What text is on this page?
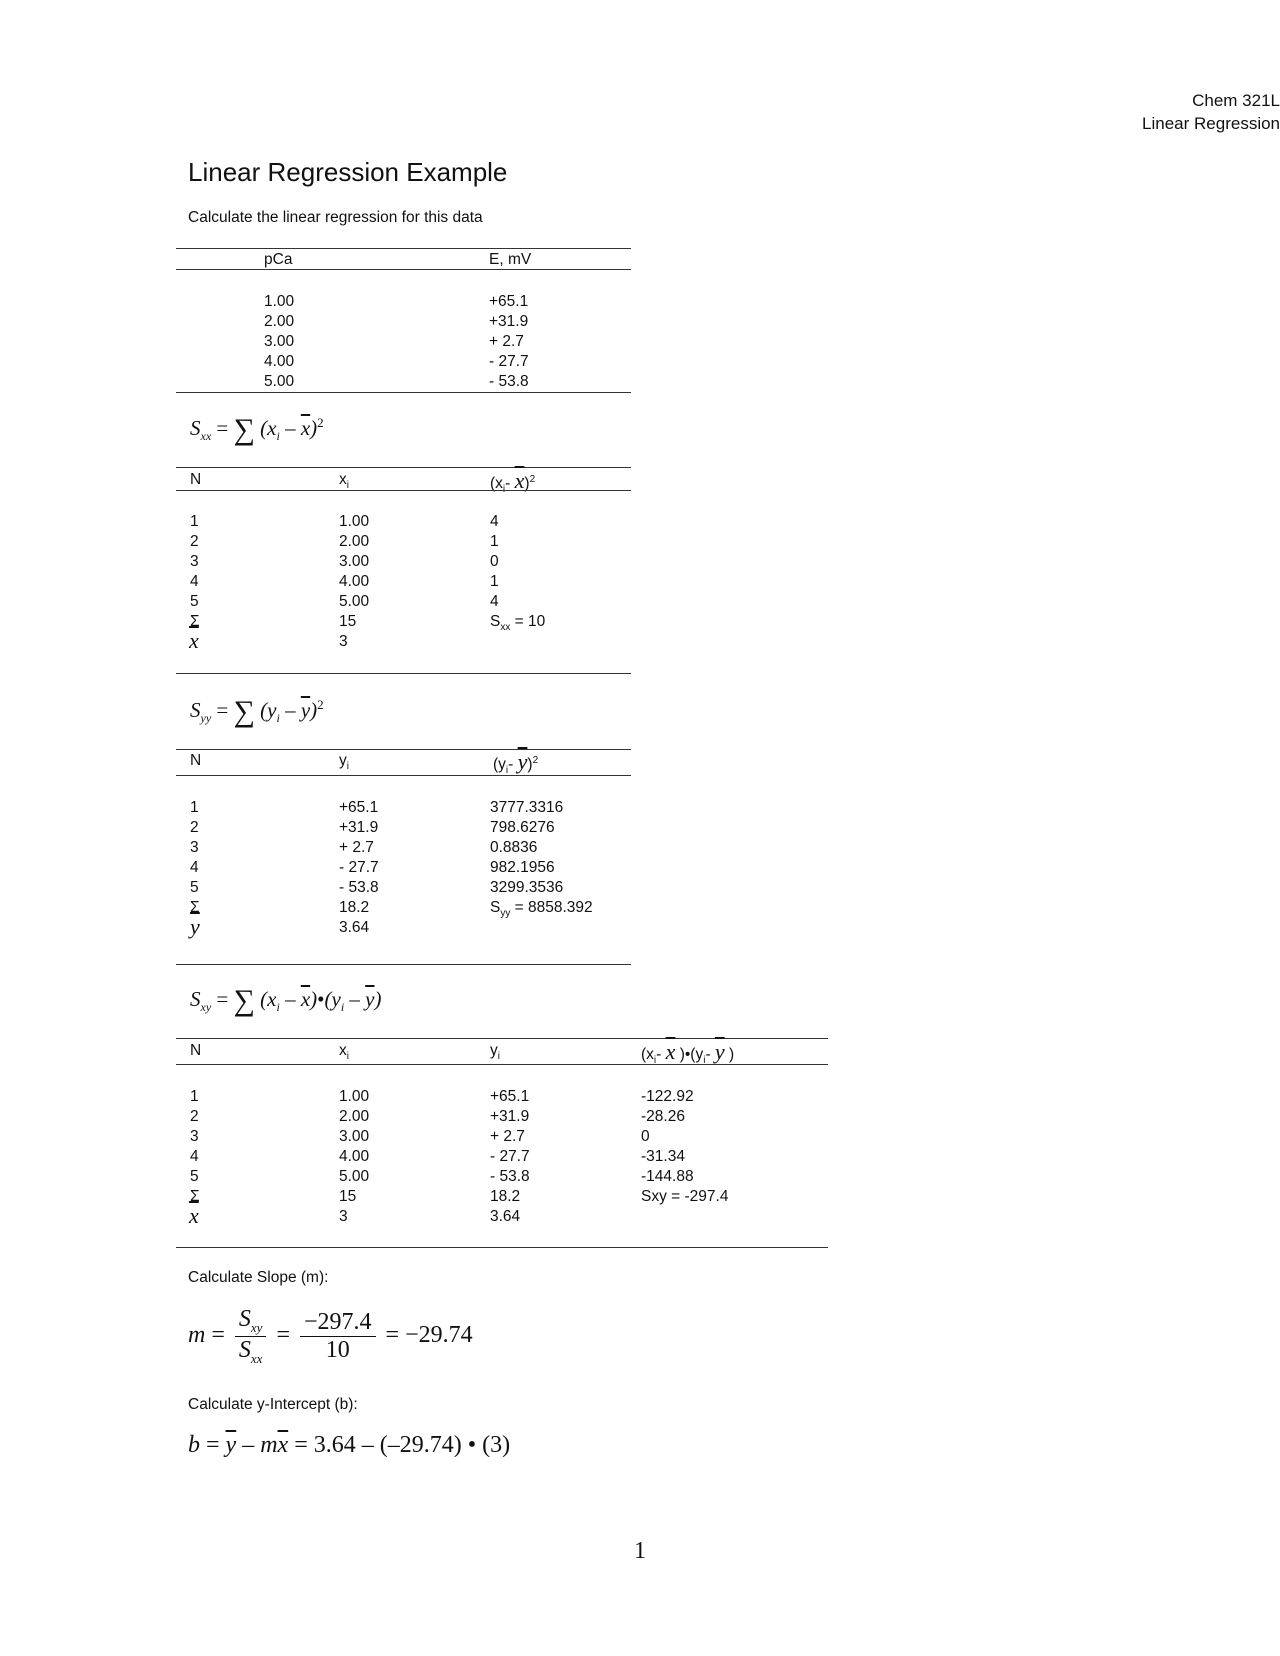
Chem 321L
Linear Regression
Linear Regression Example
Calculate the linear regression for this data
pCa	E, mV
1.00	+65.1
2.00	+31.9
3.00	+ 2.7
4.00	- 27.7
5.00	- 53.8
$S_{xx}$ = ∑ $(x_i - \overline{x})^2$
N	$x_i$	($x_i-$ $\overline{x})^2$
1	1.00	4
2	2.00	1
3	3.00	0
4	4.00	1
5	5.00	4
Σ	15	$S_{xx} = 10$
$\overline{x}$	3
$S_{yy}$ = ∑ $(y_i - \overline{y})^2$
N	$y_i$	($y_i-$ $\overline{y})^2$
1	+65.1	3777.3316
2	+31.9	798.6276
3	+ 2.7	0.8836
4	- 27.7	982.1956
5	- 53.8	3299.3536
Σ	18.2	$S_{yy} = 8858.392$
$\overline{y}$	3.64
$S_{xy}$ = ∑ ($x_i$ – $\overline{x})•(y_i - \overline{y})$
N	$x_i$	$y_i$	($x_i-$ $\overline{x}$ )$•(y_i-$ $\overline{y}$ )
1	1.00	+65.1	-122.92
2	2.00	+31.9	-28.26
3	3.00	+ 2.7	0
4	4.00	- 27.7	-31.34
5	5.00	- 53.8	-144.88
Σ	15	18.2	Sxy = -297.4
$\overline{x}$	3	3.64
Calculate Slope (m):
$m = \frac{S_{xy}}{S_{xx}} = \frac{-297.4}{10} = -29.74$
Calculate y-Intercept (b):
$b = \overline{y} - m\overline{x} = 3.64 - (-29.74)$ • (3)
1
